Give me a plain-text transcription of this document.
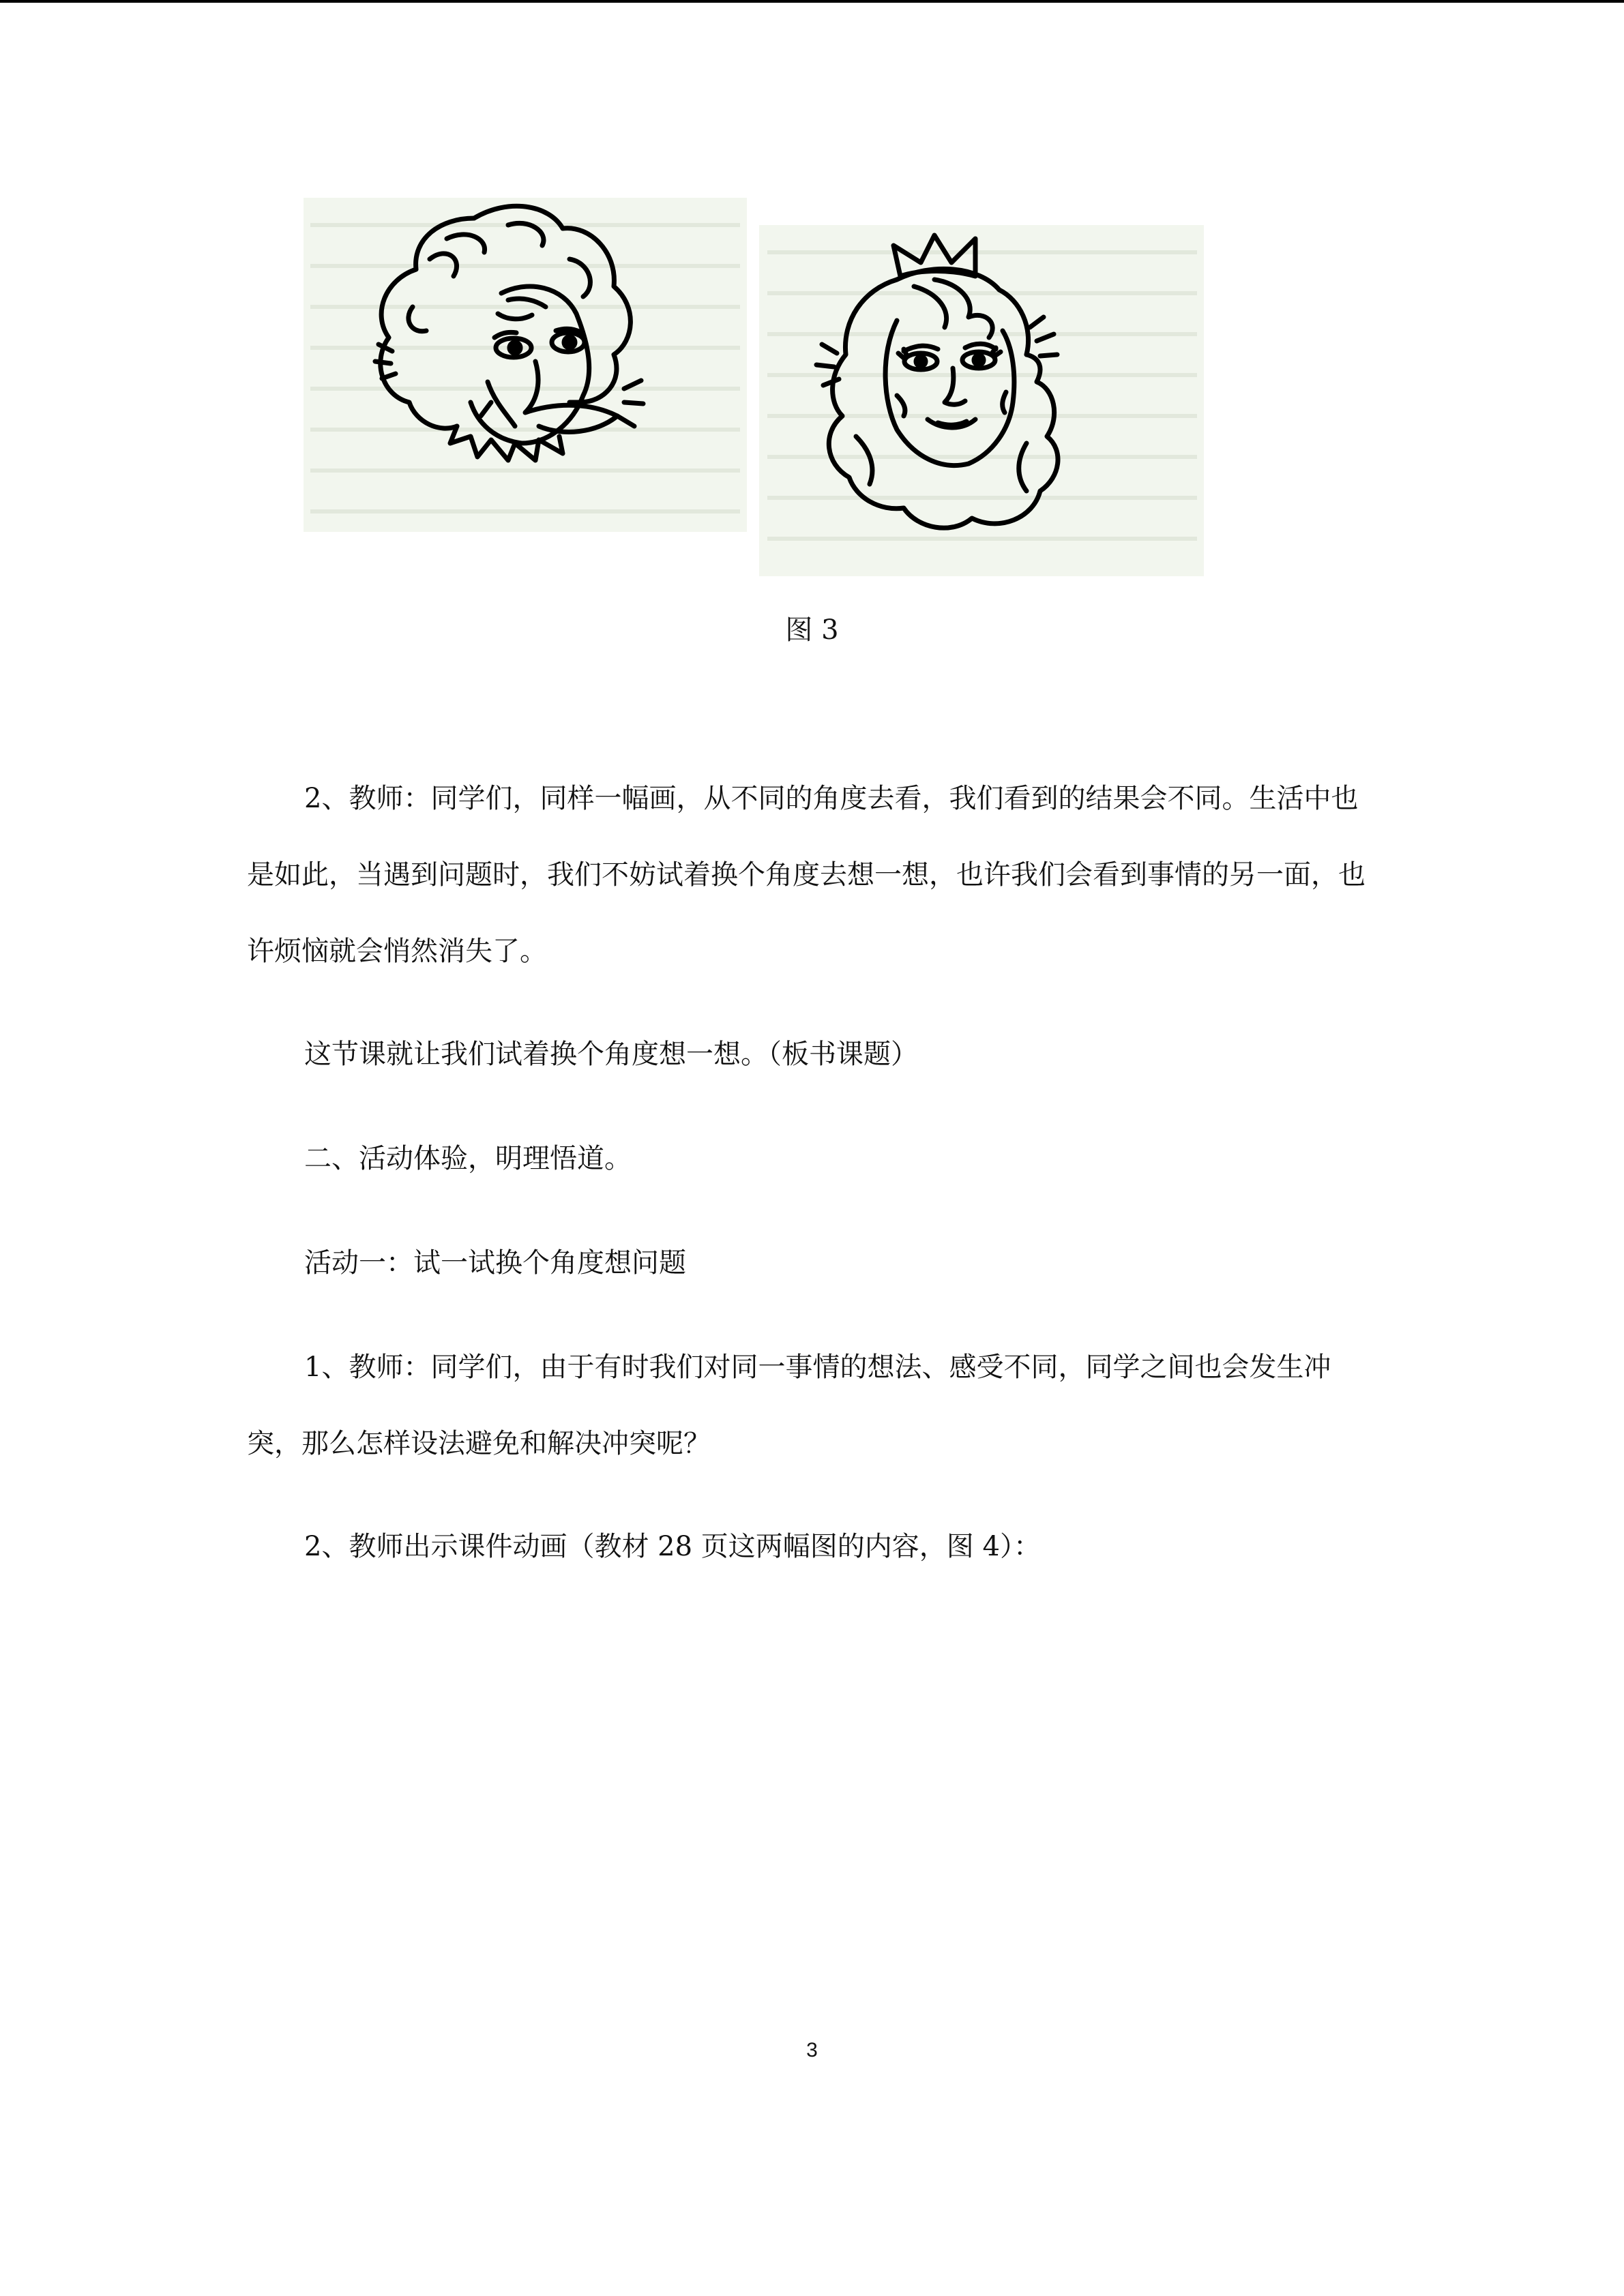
图 3

2、教师：同学们，同样一幅画，从不同的角度去看，我们看到的结果会不同。生活中也是如此，当遇到问题时，我们不妨试着换个角度去想一想，也许我们会看到事情的另一面，也许烦恼就会悄然消失了。

这节课就让我们试着换个角度想一想。（板书课题）

二、活动体验，明理悟道。

活动一：试一试换个角度想问题

1、教师：同学们，由于有时我们对同一事情的想法、感受不同，同学之间也会发生冲突，那么怎样设法避免和解决冲突呢？

2、教师出示课件动画（教材 28 页这两幅图的内容，图 4）：

3
